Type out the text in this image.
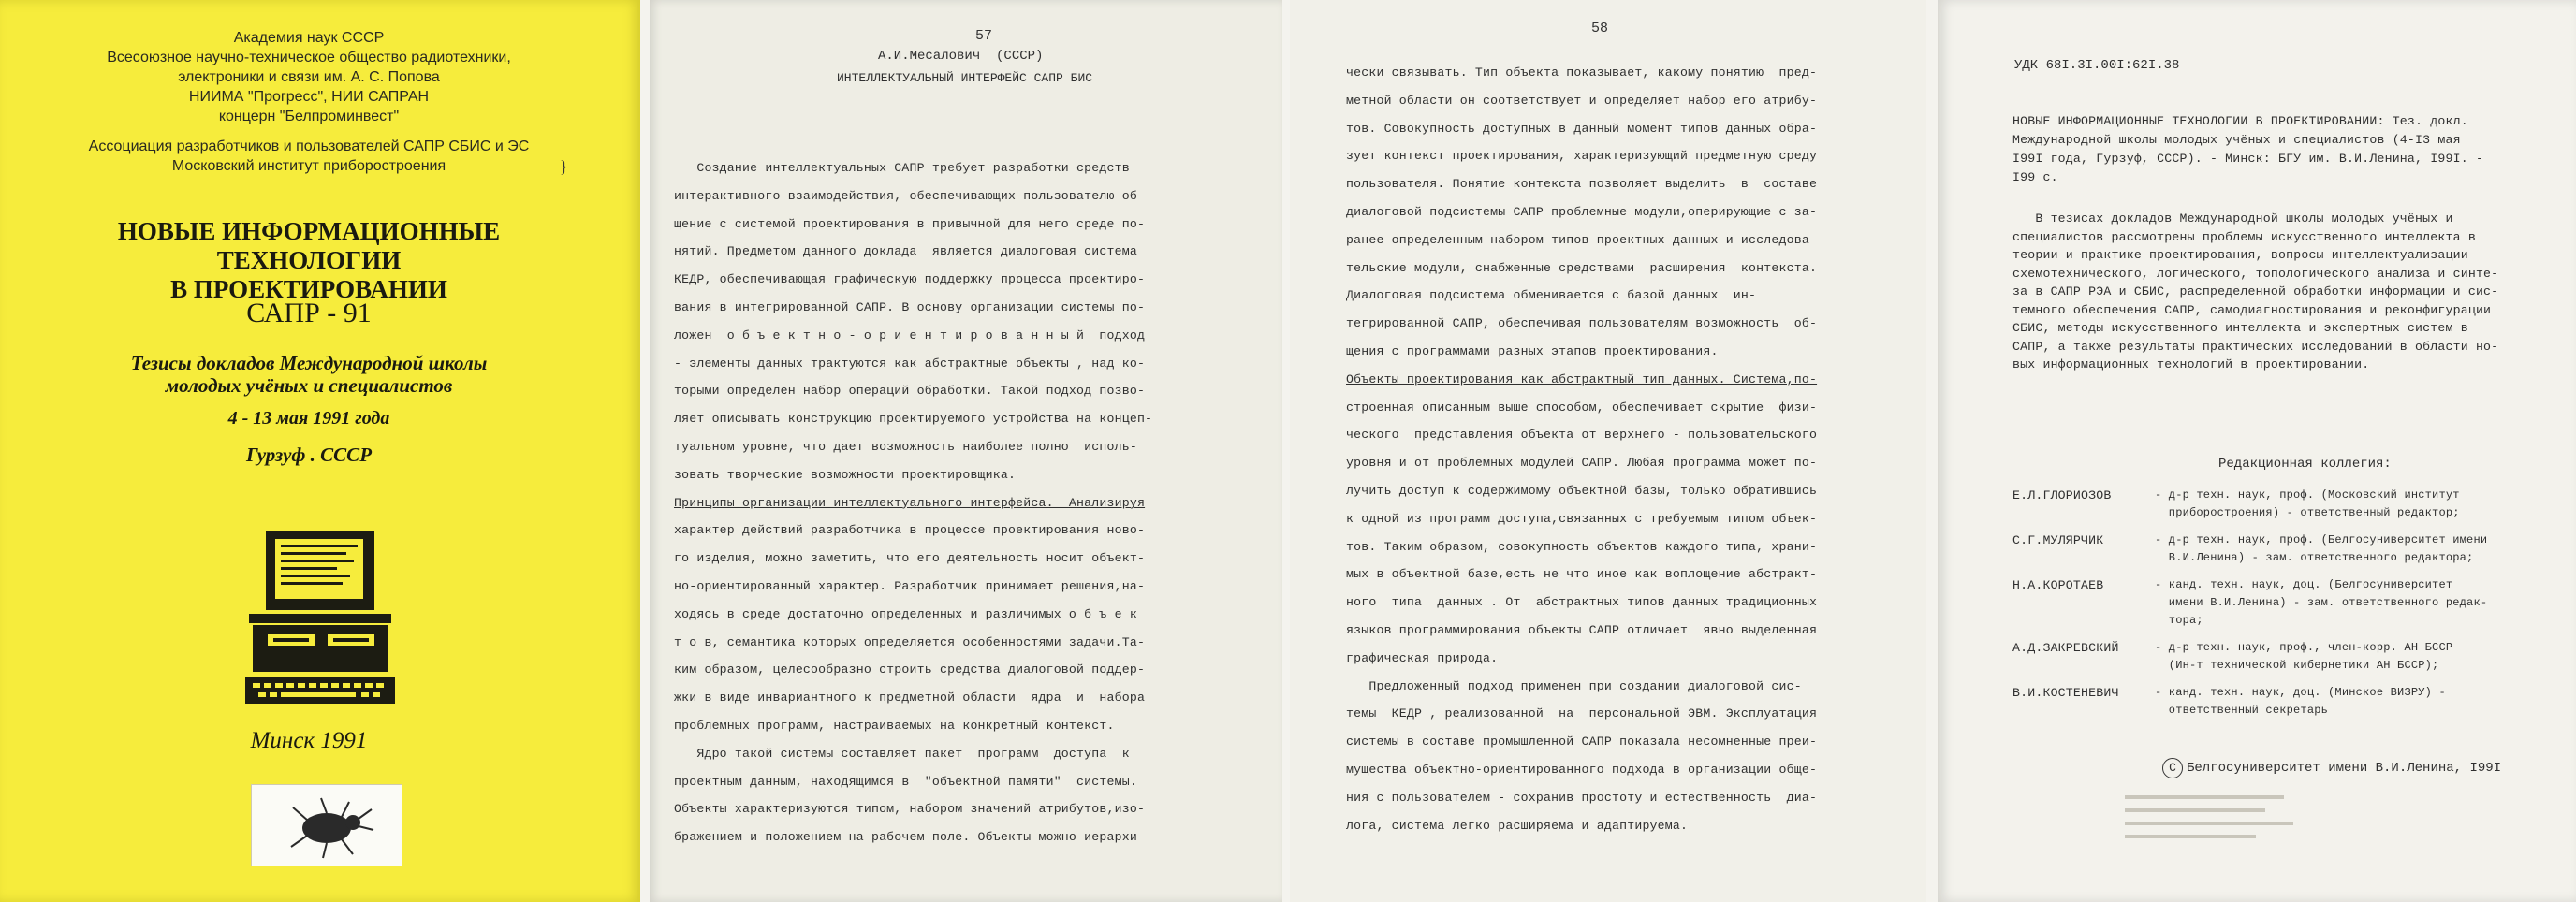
Академия наук СССР
Всесоюзное научно-техническое общество радиотехники,
электроники и связи им. А. С. Попова
НИИМА "Прогресс", НИИ САПРАН
концерн "Белпроминвест"
Ассоциация разработчиков и пользователей САПР СБИС и ЭС
Московский институт приборостроения	}
НОВЫЕ ИНФОРМАЦИОННЫЕ ТЕХНОЛОГИИ
В ПРОЕКТИРОВАНИИ
САПР - 91
Тезисы докладов Международной школы
молодых учёных и специалистов
4 - 13 мая 1991 года
Гурзуф . СССР
Минск 1991
57
А.И.Месалович  (СССР)
ИНТЕЛЛЕКТУАЛЬНЫЙ ИНТЕРФЕЙС САПР БИС
Создание интеллектуальных САПР требует разработки средств
интерактивного взаимодействия, обеспечивающих пользователю об-
щение с системой проектирования в привычной для него среде по-
нятий. Предметом данного доклада  является диалоговая система
КЕДР, обеспечивающая графическую поддержку процесса проектиро-
вания в интегрированной САПР. В основу организации системы по-
ложен  о б ъ е к т н о - о р и е н т и р о в а н н ы й  подход
- элементы данных трактуются как абстрактные объекты , над ко-
торыми определен набор операций обработки. Такой подход позво-
ляет описывать конструкцию проектируемого устройства на концеп-
туальном уровне, что дает возможность наиболее полно  исполь-
зовать творческие возможности проектировщика.
Принципы организации интеллектуального интерфейса.  Анализируя
характер действий разработчика в процессе проектирования ново-
го изделия, можно заметить, что его деятельность носит объект-
но-ориентированный характер. Разработчик принимает решения,на-
ходясь в среде достаточно определенных и различимых о б ъ е к
т о в, семантика которых определяется особенностями задачи.Та-
ким образом, целесообразно строить средства диалоговой поддер-
жки в виде инвариантного к предметной области  ядра  и  набора
проблемных программ, настраиваемых на конкретный контекст.
Ядро такой системы составляет пакет  программ  доступа  к
проектным данным, находящимся в  "объектной памяти"  системы.
Объекты характеризуются типом, набором значений атрибутов,изо-
бражением и положением на рабочем поле. Объекты можно иерархи-
58
чески связывать. Тип объекта показывает, какому понятию  пред-
метной области он соответствует и определяет набор его атрибу-
тов. Совокупность доступных в данный момент типов данных обра-
зует контекст проектирования, характеризующий предметную среду
пользователя. Понятие контекста позволяет выделить  в  составе
диалоговой подсистемы САПР проблемные модули,оперирующие с за-
ранее определенным набором типов проектных данных и исследова-
тельские модули, снабженные средствами  расширения  контекста.
Диалоговая подсистема обменивается с базой данных  ин-
тегрированной САПР, обеспечивая пользователям возможность  об-
щения с программами разных этапов проектирования.
Объекты проектирования как абстрактный тип данных. Система,по-
строенная описанным выше способом, обеспечивает скрытие  физи-
ческого  представления объекта от верхнего - пользовательского
уровня и от проблемных модулей САПР. Любая программа может по-
лучить доступ к содержимому объектной базы, только обратившись
к одной из программ доступа,связанных с требуемым типом объек-
тов. Таким образом, совокупность объектов каждого типа, храни-
мых в объектной базе,есть не что иное как воплощение абстракт-
ного  типа  данных . От  абстрактных типов данных традиционных
языков программирования объекты САПР отличает  явно выделенная
графическая природа.
Предложенный подход применен при создании диалоговой сис-
темы  КЕДР , реализованной  на  персональной ЭВМ. Эксплуатация
системы в составе промышленной САПР показала несомненные преи-
мущества объектно-ориентированного подхода в организации обще-
ния с пользователем - сохранив простоту и естественность  диа-
лога, система легко расширяема и адаптируема.
УДК 68I.3I.00I:62I.38
НОВЫЕ ИНФОРМАЦИОННЫЕ ТЕХНОЛОГИИ В ПРОЕКТИРОВАНИИ: Тез. докл.
Международной школы молодых учёных и специалистов (4-I3 мая
I99I года, Гурзуф, СССР). - Минск: БГУ им. В.И.Ленина, I99I. -
I99 с.
В тезисах докладов Международной школы молодых учёных и
специалистов рассмотрены проблемы искусственного интеллекта в
теории и практике проектирования, вопросы интеллектуализации
схемотехнического, логического, топологического анализа и синте-
за в САПР РЭА и СБИС, распределенной обработки информации и сис-
темного обеспечения САПР, самодиагностирования и реконфигурации
СБИС, методы искусственного интеллекта и экспертных систем в
САПР, а также результаты практических исследований в области но-
вых информационных технологий в проектировании.
Редакционная коллегия:
Е.Л.ГЛОРИОЗОВ	- д-р техн. наук, проф. (Московский институт
приборостроения) - ответственный редактор;
С.Г.МУЛЯРЧИК	- д-р техн. наук, проф. (Белгосуниверситет имени
В.И.Ленина) - зам. ответственного редактора;
Н.А.КОРОТАЕВ	- канд. техн. наук, доц. (Белгосуниверситет
имени В.И.Ленина) - зам. ответственного редак-
тора;
А.Д.ЗАКРЕВСКИЙ	- д-р техн. наук, проф., член-корр. АН БССР
(Ин-т технической кибернетики АН БССР);
В.И.КОСТЕНЕВИЧ	- канд. техн. наук, доц. (Минское ВИЗРУ) -
ответственный секретарь
С Белгосуниверситет имени В.И.Ленина, I99I
